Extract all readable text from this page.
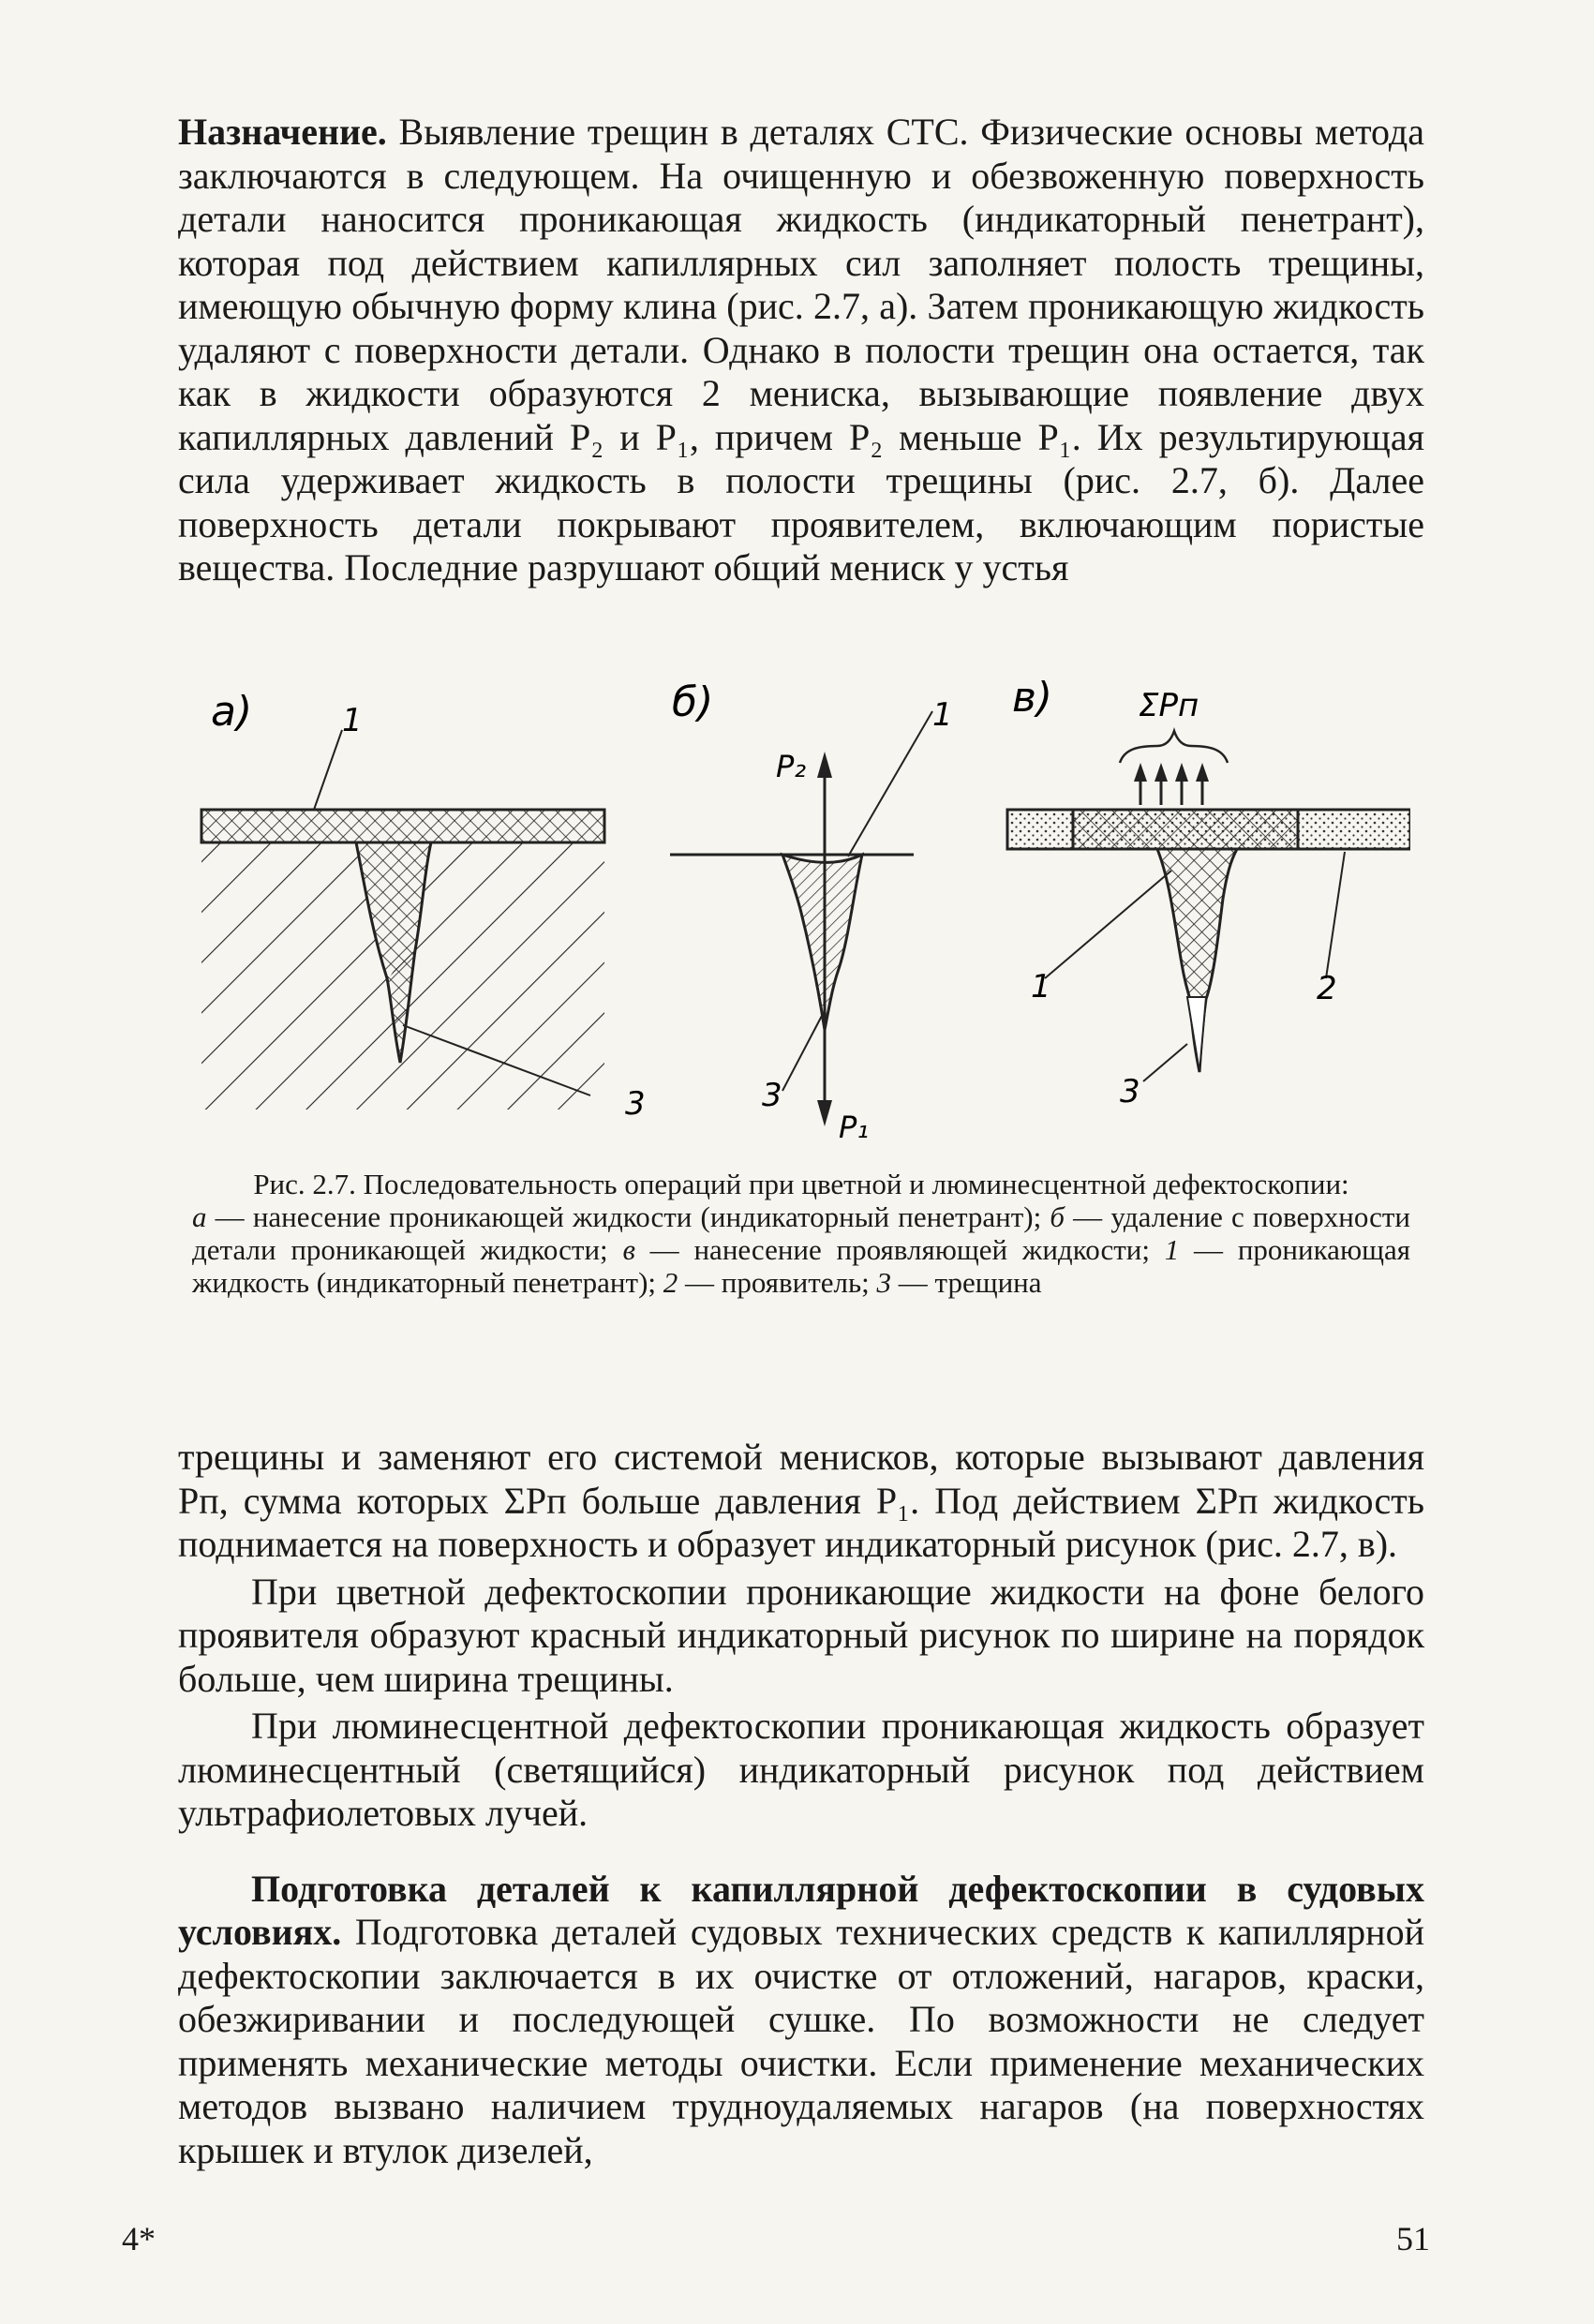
Назначение. Выявление трещин в деталях СТС. Физические основы метода заключаются в следующем. На очищенную и обезвоженную поверхность детали наносится проникающая жидкость (индикаторный пенетрант), которая под действием капиллярных сил заполняет полость трещины, имеющую обычную форму клина (рис. 2.7, а). Затем проникающую жидкость удаляют с поверхности детали. Однако в полости трещин она остается, так как в жидкости образуются 2 мениска, вызывающие появление двух капиллярных давлений P₂ и P₁, причем P₂ меньше P₁. Их результирующая сила удерживает жидкость в полости трещины (рис. 2.7, б). Далее поверхность детали покрывают проявителем, включающим пористые вещества. Последние разрушают общий мениск у устья

а)	1
3
б)
P₂
P₁
1
3
в)	ΣPп
1	2
3
Рис. 2.7. Последовательность операций при цветной и люминесцентной дефектоскопии:
а — нанесение проникающей жидкости (индикаторный пенетрант); б — удаление с поверхности детали проникающей жидкости; в — нанесение проявляющей жидкости; 1 — проникающая жидкость (индикаторный пенетрант); 2 — проявитель; 3 — трещина

трещины и заменяют его системой менисков, которые вызывают давления Pп, сумма которых ΣPп больше давления P₁. Под действием ΣPп жидкость поднимается на поверхность и образует индикаторный рисунок (рис. 2.7, в).

При цветной дефектоскопии проникающие жидкости на фоне белого проявителя образуют красный индикаторный рисунок по ширине на порядок больше, чем ширина трещины.

При люминесцентной дефектоскопии проникающая жидкость образует люминесцентный (светящийся) индикаторный рисунок под действием ультрафиолетовых лучей.

Подготовка деталей к капиллярной дефектоскопии в судовых условиях. Подготовка деталей судовых технических средств к капиллярной дефектоскопии заключается в их очистке от отложений, нагаров, краски, обезжиривании и последующей сушке. По возможности не следует применять механические методы очистки. Если применение механических методов вызвано наличием трудноудаляемых нагаров (на поверхностях крышек и втулок дизелей,

4*	51
